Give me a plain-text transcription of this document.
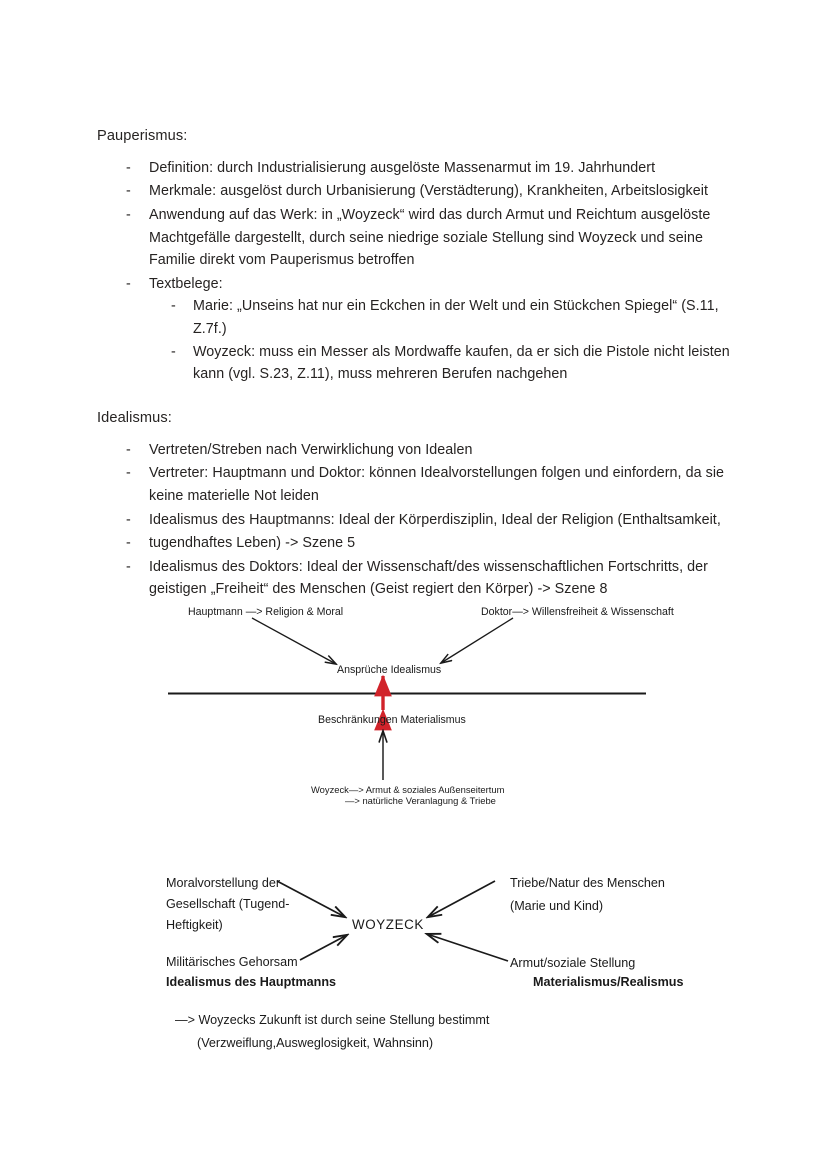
Pauperismus:
- Definition: durch Industrialisierung ausgelöste Massenarmut im 19. Jahrhundert
- Merkmale: ausgelöst durch Urbanisierung (Verstädterung), Krankheiten, Arbeitslosigkeit
- Anwendung auf das Werk: in „Woyzeck“ wird das durch Armut und Reichtum ausgelöste Machtgefälle dargestellt, durch seine niedrige soziale Stellung sind Woyzeck und seine Familie direkt vom Pauperismus betroffen
- Textbelege:
- Marie: „Unseins hat nur ein Eckchen in der Welt und ein Stückchen Spiegel“ (S.11, Z.7f.)
- Woyzeck: muss ein Messer als Mordwaffe kaufen, da er sich die Pistole nicht leisten kann (vgl. S.23, Z.11), muss mehreren Berufen nachgehen
Idealismus:
- Vertreten/Streben nach Verwirklichung von Idealen
- Vertreter: Hauptmann und Doktor: können Idealvorstellungen folgen und einfordern, da sie keine materielle Not leiden
- Idealismus des Hauptmanns: Ideal der Körperdisziplin, Ideal der Religion (Enthaltsamkeit,
- tugendhaftes Leben) -> Szene 5
- Idealismus des Doktors: Ideal der Wissenschaft/des wissenschaftlichen Fortschritts, der geistigen „Freiheit“ des Menschen (Geist regiert den Körper) -> Szene 8
Hauptmann —> Religion & Moral	Doktor—> Willensfreiheit & Wissenschaft
Ansprüche Idealismus
Beschränkungen Materialismus
Woyzeck—> Armut & soziales Außenseitertum
—> natürliche Veranlagung & Triebe
Moralvorstellung der
Gesellschaft (Tugend-
Heftigkeit)
Militärisches Gehorsam
Idealismus des Hauptmanns
Triebe/Natur des Menschen
(Marie und Kind)
Armut/soziale Stellung
Materialismus/Realismus
WOYZECK
—> Woyzecks Zukunft ist durch seine Stellung bestimmt
(Verzweiflung,Ausweglosigkeit, Wahnsinn)
